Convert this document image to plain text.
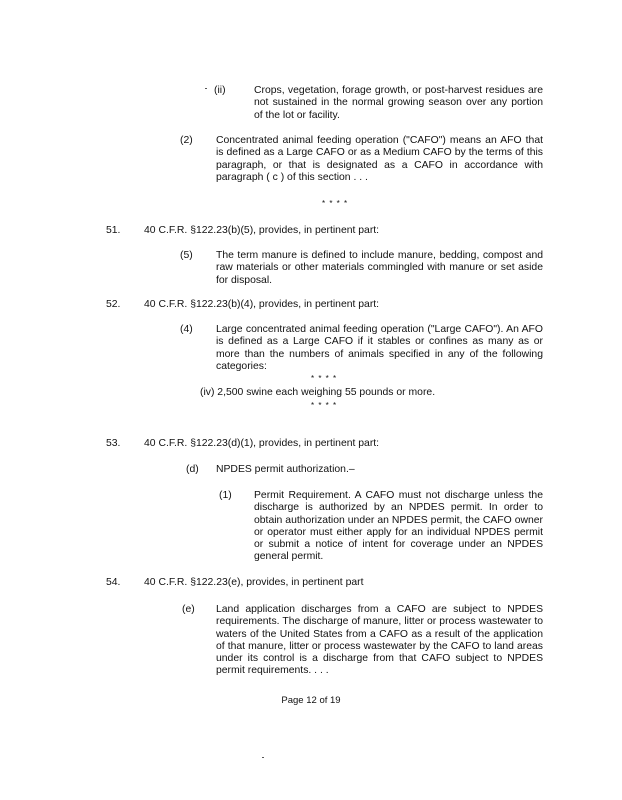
(ii)	Crops, vegetation, forage growth, or post-harvest residues are not sustained in the normal growing season over any portion of the lot or facility.
(2) Concentrated animal feeding operation ("CAFO") means an AFO that is defined as a Large CAFO or as a Medium CAFO by the terms of this paragraph, or that is designated as a CAFO in accordance with paragraph ( c ) of this section . . .
* * * *
51. 40 C.F.R. §122.23(b)(5), provides, in pertinent part:
(5) The term manure is defined to include manure, bedding, compost and raw materials or other materials commingled with manure or set aside for disposal.
52. 40 C.F.R. §122.23(b)(4), provides, in pertinent part:
(4) Large concentrated animal feeding operation ("Large CAFO"). An AFO is defined as a Large CAFO if it stables or confines as many as or more than the numbers of animals specified in any of the following categories:
* * * *
(iv) 2,500 swine each weighing 55 pounds or more.
* * * *
53. 40 C.F.R. §122.23(d)(1), provides, in pertinent part:
(d) NPDES permit authorization.–
(1) Permit Requirement. A CAFO must not discharge unless the discharge is authorized by an NPDES permit. In order to obtain authorization under an NPDES permit, the CAFO owner or operator must either apply for an individual NPDES permit or submit a notice of intent for coverage under an NPDES general permit.
54. 40 C.F.R. §122.23(e), provides, in pertinent part
(e) Land application discharges from a CAFO are subject to NPDES requirements. The discharge of manure, litter or process wastewater to waters of the United States from a CAFO as a result of the application of that manure, litter or process wastewater by the CAFO to land areas under its control is a discharge from that CAFO subject to NPDES permit requirements. . . .
Page 12 of 19
